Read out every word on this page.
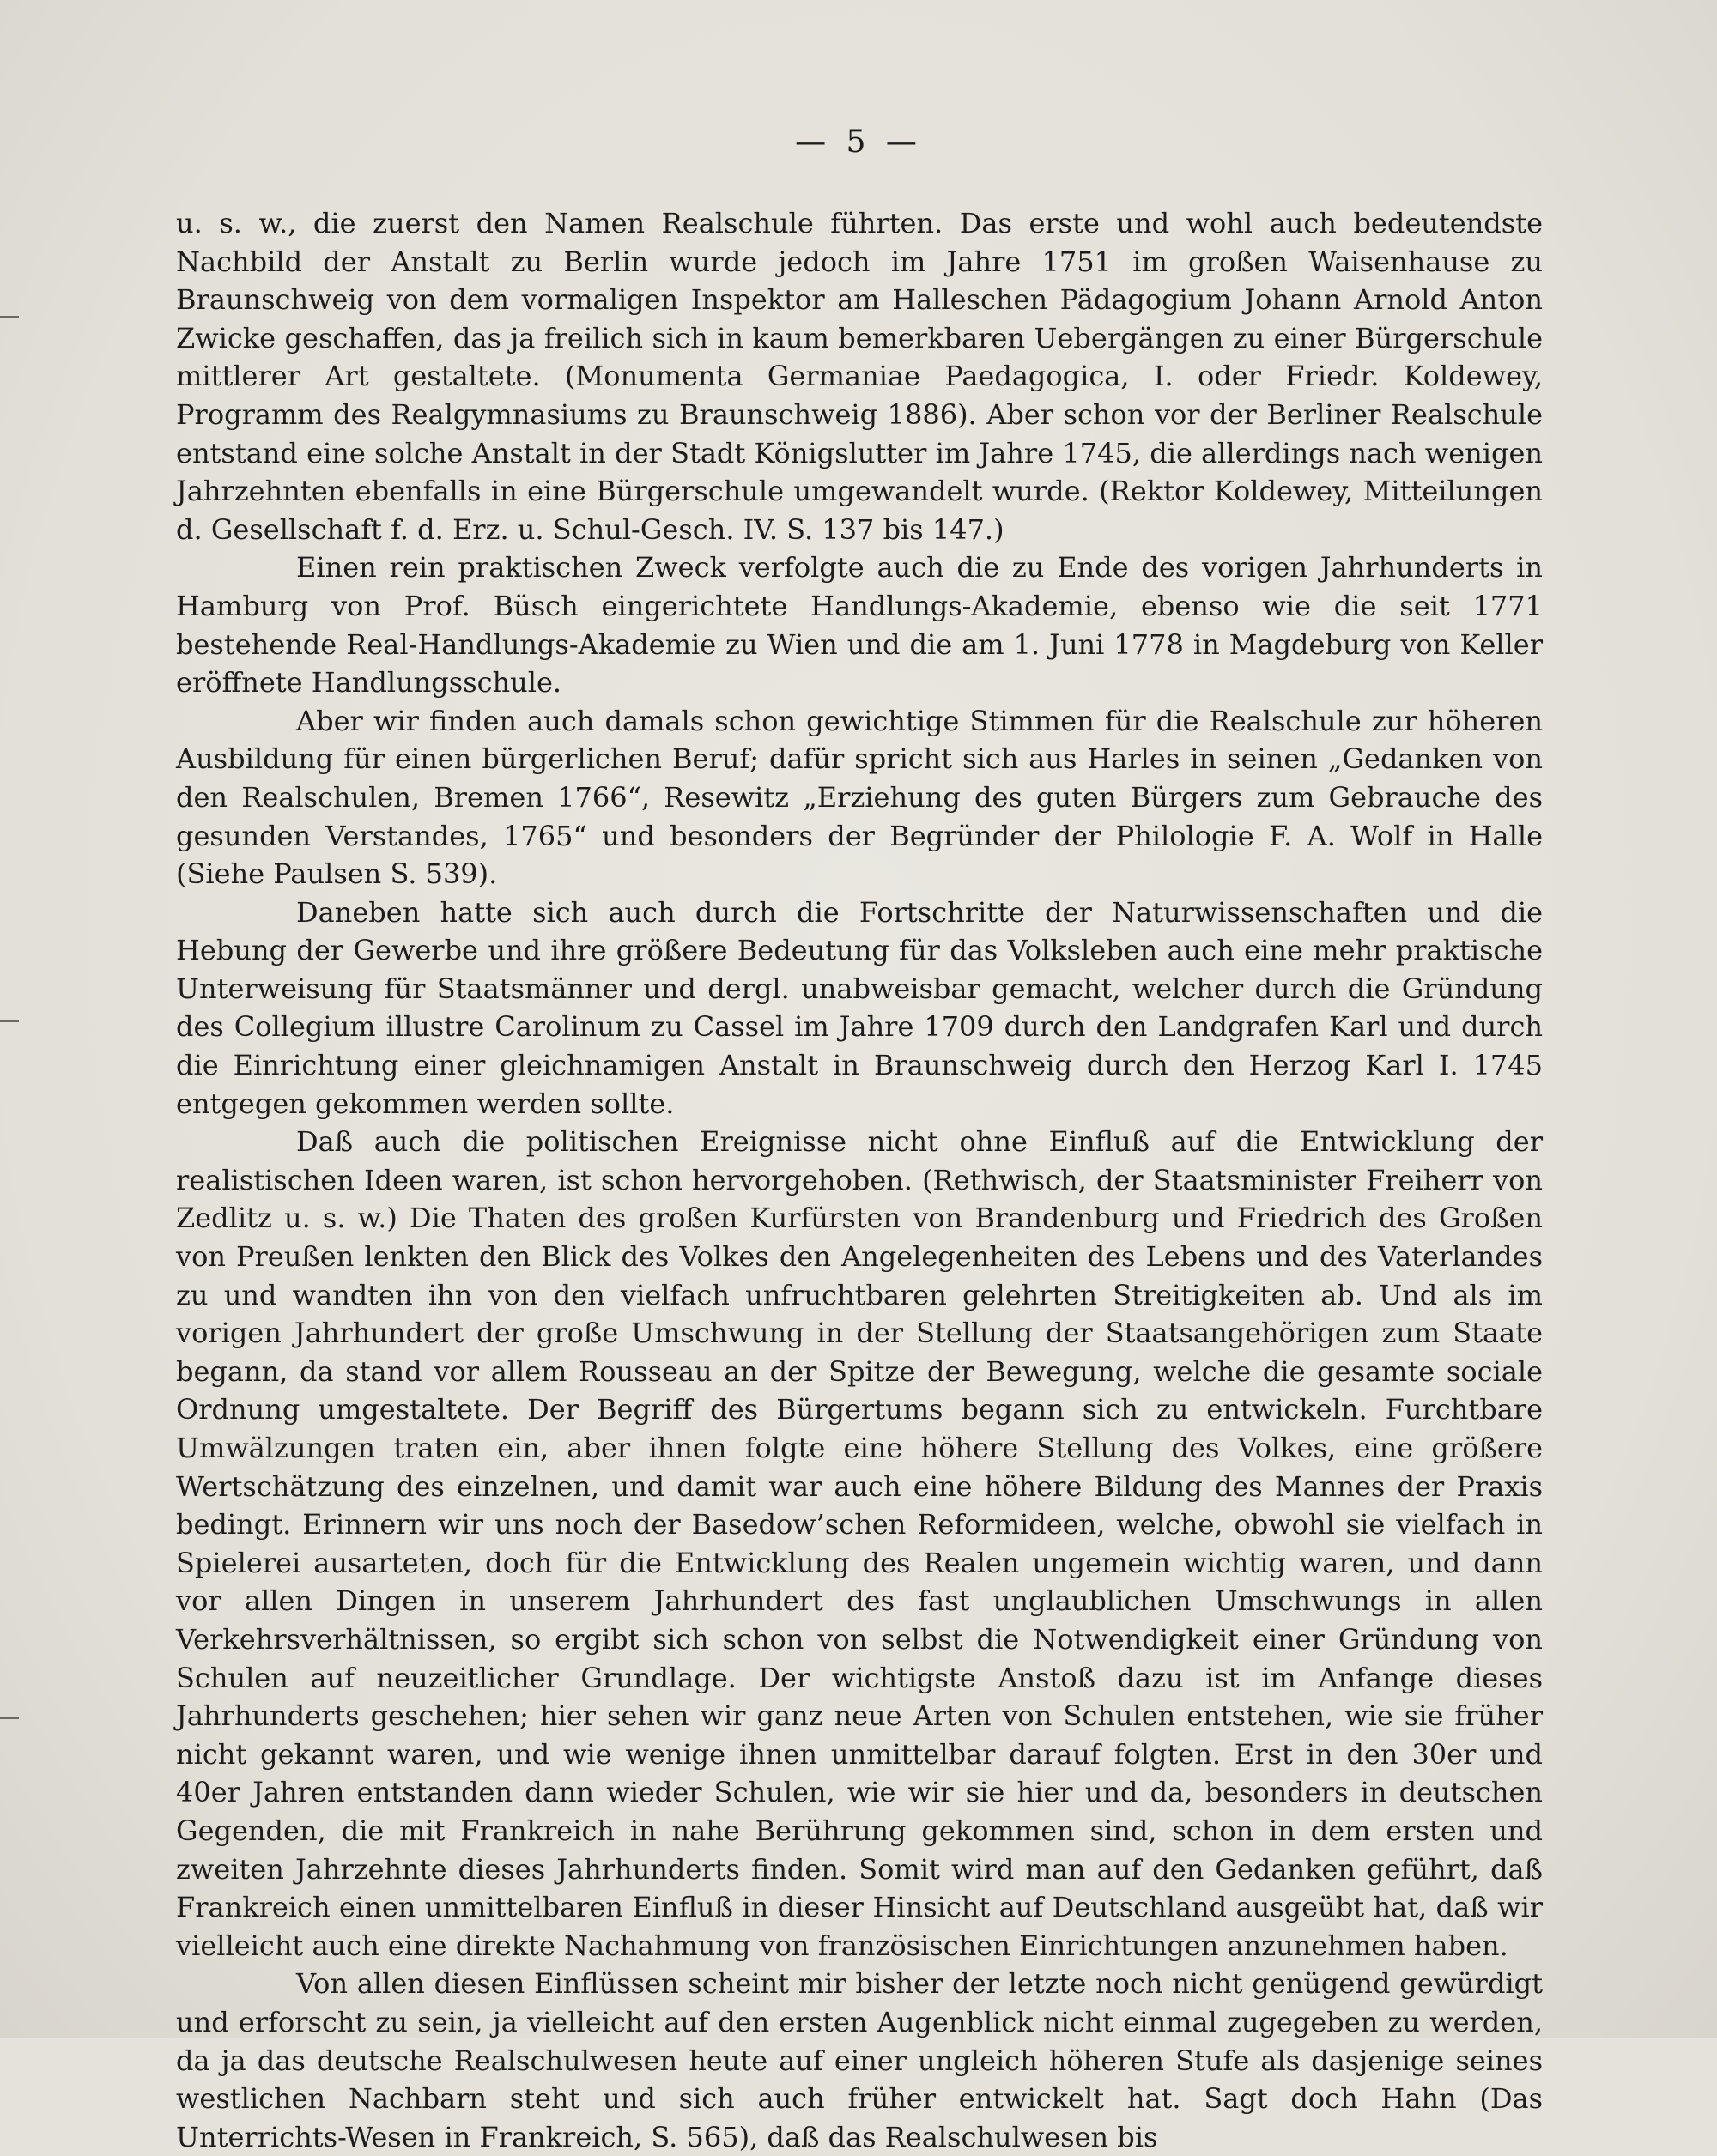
— 5 —

u. s. w., die zuerst den Namen Realschule führten. Das erste und wohl auch bedeutendste Nachbild der Anstalt zu Berlin wurde jedoch im Jahre 1751 im großen Waisenhause zu Braunschweig von dem vormaligen Inspektor am Halleschen Pädagogium Johann Arnold Anton Zwicke geschaffen, das ja freilich sich in kaum bemerkbaren Uebergängen zu einer Bürgerschule mittlerer Art gestaltete. (Monumenta Germaniae Paedagogica, I. oder Friedr. Koldewey, Programm des Realgymnasiums zu Braunschweig 1886). Aber schon vor der Berliner Realschule entstand eine solche Anstalt in der Stadt Königslutter im Jahre 1745, die allerdings nach wenigen Jahrzehnten ebenfalls in eine Bürgerschule umgewandelt wurde. (Rektor Koldewey, Mitteilungen d. Gesellschaft f. d. Erz. u. Schul-Gesch. IV. S. 137 bis 147.)

Einen rein praktischen Zweck verfolgte auch die zu Ende des vorigen Jahrhunderts in Hamburg von Prof. Büsch eingerichtete Handlungs-Akademie, ebenso wie die seit 1771 bestehende Real-Handlungs-Akademie zu Wien und die am 1. Juni 1778 in Magdeburg von Keller eröffnete Handlungsschule.

Aber wir finden auch damals schon gewichtige Stimmen für die Realschule zur höheren Ausbildung für einen bürgerlichen Beruf; dafür spricht sich aus Harles in seinen „Gedanken von den Realschulen, Bremen 1766“, Resewitz „Erziehung des guten Bürgers zum Gebrauche des gesunden Verstandes, 1765“ und besonders der Begründer der Philologie F. A. Wolf in Halle (Siehe Paulsen S. 539).

Daneben hatte sich auch durch die Fortschritte der Naturwissenschaften und die Hebung der Gewerbe und ihre größere Bedeutung für das Volksleben auch eine mehr praktische Unterweisung für Staatsmänner und dergl. unabweisbar gemacht, welcher durch die Gründung des Collegium illustre Carolinum zu Cassel im Jahre 1709 durch den Landgrafen Karl und durch die Einrichtung einer gleichnamigen Anstalt in Braunschweig durch den Herzog Karl I. 1745 entgegen gekommen werden sollte.

Daß auch die politischen Ereignisse nicht ohne Einfluß auf die Entwicklung der realistischen Ideen waren, ist schon hervorgehoben. (Rethwisch, der Staatsminister Freiherr von Zedlitz u. s. w.) Die Thaten des großen Kurfürsten von Brandenburg und Friedrich des Großen von Preußen lenkten den Blick des Volkes den Angelegenheiten des Lebens und des Vaterlandes zu und wandten ihn von den vielfach unfruchtbaren gelehrten Streitigkeiten ab. Und als im vorigen Jahrhundert der große Umschwung in der Stellung der Staatsangehörigen zum Staate begann, da stand vor allem Rousseau an der Spitze der Bewegung, welche die gesamte sociale Ordnung umgestaltete. Der Begriff des Bürgertums begann sich zu entwickeln. Furchtbare Umwälzungen traten ein, aber ihnen folgte eine höhere Stellung des Volkes, eine größere Wertschätzung des einzelnen, und damit war auch eine höhere Bildung des Mannes der Praxis bedingt. Erinnern wir uns noch der Basedow’schen Reformideen, welche, obwohl sie vielfach in Spielerei ausarteten, doch für die Entwicklung des Realen ungemein wichtig waren, und dann vor allen Dingen in unserem Jahrhundert des fast unglaublichen Umschwungs in allen Verkehrsverhältnissen, so ergibt sich schon von selbst die Notwendigkeit einer Gründung von Schulen auf neuzeitlicher Grundlage. Der wichtigste Anstoß dazu ist im Anfange dieses Jahrhunderts geschehen; hier sehen wir ganz neue Arten von Schulen entstehen, wie sie früher nicht gekannt waren, und wie wenige ihnen unmittelbar darauf folgten. Erst in den 30er und 40er Jahren entstanden dann wieder Schulen, wie wir sie hier und da, besonders in deutschen Gegenden, die mit Frankreich in nahe Berührung gekommen sind, schon in dem ersten und zweiten Jahrzehnte dieses Jahrhunderts finden. Somit wird man auf den Gedanken geführt, daß Frankreich einen unmittelbaren Einfluß in dieser Hinsicht auf Deutschland ausgeübt hat, daß wir vielleicht auch eine direkte Nachahmung von französischen Einrichtungen anzunehmen haben.

Von allen diesen Einflüssen scheint mir bisher der letzte noch nicht genügend gewürdigt und erforscht zu sein, ja vielleicht auf den ersten Augenblick nicht einmal zugegeben zu werden, da ja das deutsche Realschulwesen heute auf einer ungleich höheren Stufe als dasjenige seines westlichen Nachbarn steht und sich auch früher entwickelt hat. Sagt doch Hahn (Das Unterrichts-Wesen in Frankreich, S. 565), daß das Realschulwesen bis
